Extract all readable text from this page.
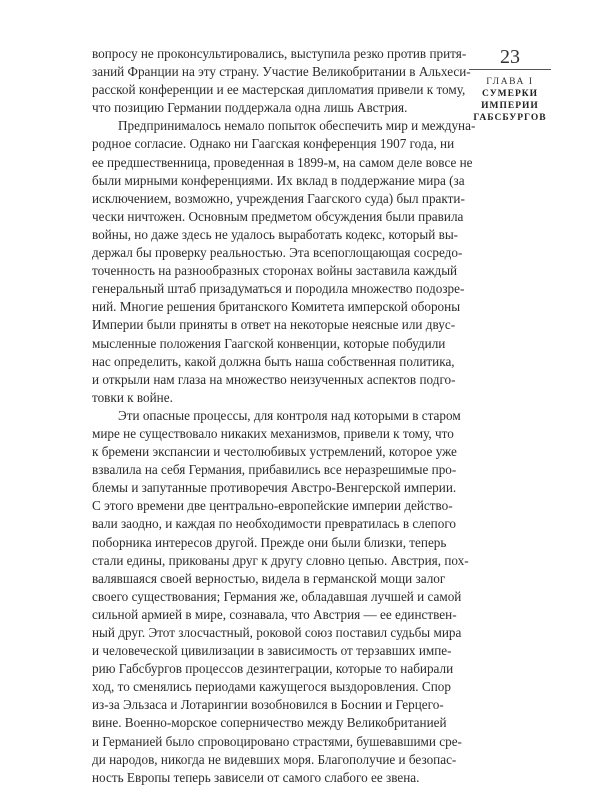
23
ГЛАВА I
СУМЕРКИ
ИМПЕРИИ
ГАБСБУРГОВ
вопросу не проконсультировались, выступила резко против притя-
заний Франции на эту страну. Участие Великобритании в Альхеси-
расской конференции и ее мастерская дипломатия привели к тому,
что позицию Германии поддержала одна лишь Австрия.
Предпринималось немало попыток обеспечить мир и междуна-
родное согласие. Однако ни Гаагская конференция 1907 года, ни
ее предшественница, проведенная в 1899-м, на самом деле вовсе не
были мирными конференциями. Их вклад в поддержание мира (за
исключением, возможно, учреждения Гаагского суда) был практи-
чески ничтожен. Основным предметом обсуждения были правила
войны, но даже здесь не удалось выработать кодекс, который вы-
держал бы проверку реальностью. Эта всепоглощающая сосредо-
точенность на разнообразных сторонах войны заставила каждый
генеральный штаб призадуматься и породила множество подозре-
ний. Многие решения британского Комитета имперской обороны
Империи были приняты в ответ на некоторые неясные или двус-
мысленные положения Гаагской конвенции, которые побудили
нас определить, какой должна быть наша собственная политика,
и открыли нам глаза на множество неизученных аспектов подго-
товки к войне.
Эти опасные процессы, для контроля над которыми в старом
мире не существовало никаких механизмов, привели к тому, что
к бремени экспансии и честолюбивых устремлений, которое уже
взвалила на себя Германия, прибавились все неразрешимые про-
блемы и запутанные противоречия Австро-Венгерской империи.
С этого времени две центрально-европейские империи действо-
вали заодно, и каждая по необходимости превратилась в слепого
поборника интересов другой. Прежде они были близки, теперь
стали едины, прикованы друг к другу словно цепью. Австрия, пох-
валявшаяся своей верностью, видела в германской мощи залог
своего существования; Германия же, обладавшая лучшей и самой
сильной армией в мире, сознавала, что Австрия — ее единствен-
ный друг. Этот злосчастный, роковой союз поставил судьбы мира
и человеческой цивилизации в зависимость от терзавших импе-
рию Габсбургов процессов дезинтеграции, которые то набирали
ход, то сменялись периодами кажущегося выздоровления. Спор
из-за Эльзаса и Лотарингии возобновился в Боснии и Герцего-
вине. Военно-морское соперничество между Великобританией
и Германией было спровоцировано страстями, бушевавшими сре-
ди народов, никогда не видевших моря. Благополучие и безопас-
ность Европы теперь зависели от самого слабого ее звена.
